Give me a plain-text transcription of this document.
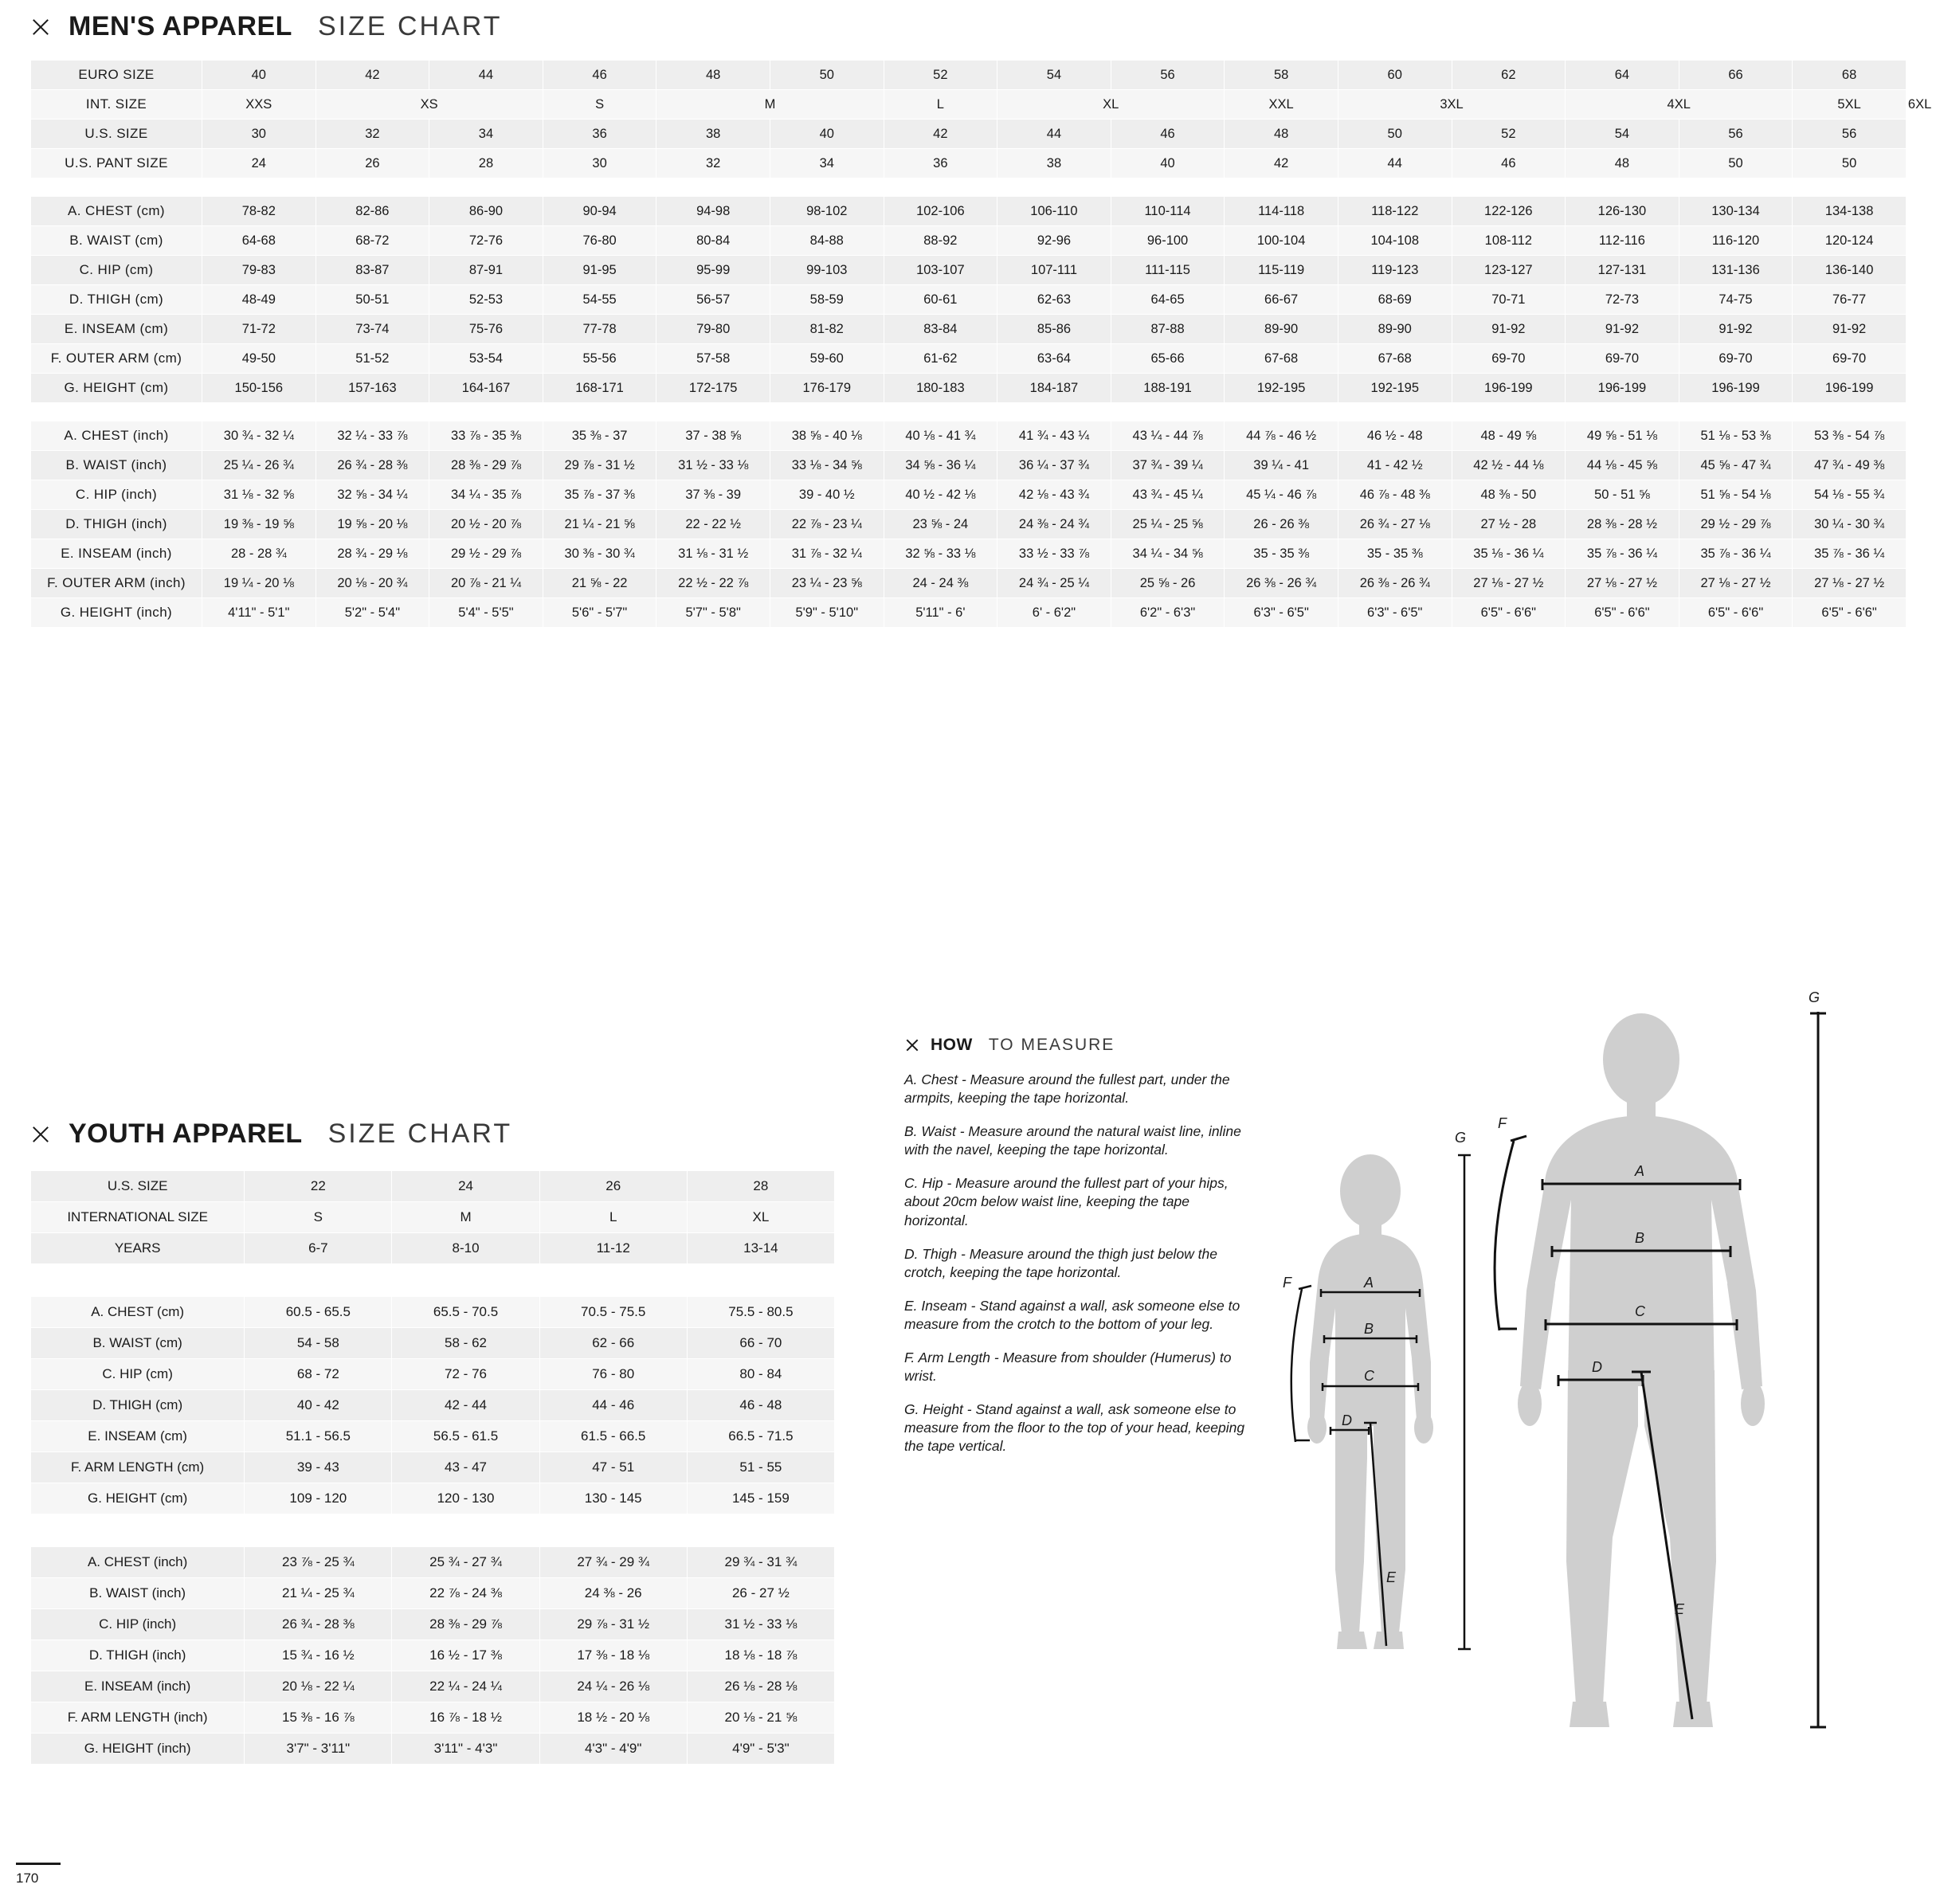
MEN'S APPAREL SIZE CHART
EURO SIZE	40	42	44	46	48	50	52	54	56	58	60	62	64	66	68	
INT. SIZE	XXS	XS		S	M		L	XL		XXL	3XL		4XL		5XL	6XL
U.S. SIZE	30	32	34	36	38	40	42	44	46	48	50	52	54	56	56	
U.S. PANT SIZE	24	26	28	30	32	34	36	38	40	42	44	46	48	50	50	

A. CHEST (cm)	78-82	82-86	86-90	90-94	94-98	98-102	102-106	106-110	110-114	114-118	118-122	122-126	126-130	130-134	134-138	
B. WAIST (cm)	64-68	68-72	72-76	76-80	80-84	84-88	88-92	92-96	96-100	100-104	104-108	108-112	112-116	116-120	120-124	
C. HIP (cm)	79-83	83-87	87-91	91-95	95-99	99-103	103-107	107-111	111-115	115-119	119-123	123-127	127-131	131-136	136-140	
D. THIGH (cm)	48-49	50-51	52-53	54-55	56-57	58-59	60-61	62-63	64-65	66-67	68-69	70-71	72-73	74-75	76-77	
E. INSEAM (cm)	71-72	73-74	75-76	77-78	79-80	81-82	83-84	85-86	87-88	89-90	89-90	91-92	91-92	91-92	91-92	
F. OUTER ARM (cm)	49-50	51-52	53-54	55-56	57-58	59-60	61-62	63-64	65-66	67-68	67-68	69-70	69-70	69-70	69-70	
G. HEIGHT (cm)	150-156	157-163	164-167	168-171	172-175	176-179	180-183	184-187	188-191	192-195	192-195	196-199	196-199	196-199	196-199	

A. CHEST (inch)	30 ¾ - 32 ¼	32 ¼ - 33 ⅞	33 ⅞ - 35 ⅜	35 ⅜ - 37	37 - 38 ⅝	38 ⅝ - 40 ⅛	40 ⅛ - 41 ¾	41 ¾ - 43 ¼	43 ¼ - 44 ⅞	44 ⅞ - 46 ½	46 ½ - 48	48 - 49 ⅝	49 ⅝ - 51 ⅛	51 ⅛ - 53 ⅜	53 ⅜ - 54 ⅞	
B. WAIST (inch)	25 ¼ - 26 ¾	26 ¾ - 28 ⅜	28 ⅜ - 29 ⅞	29 ⅞ - 31 ½	31 ½ - 33 ⅛	33 ⅛ - 34 ⅝	34 ⅝ - 36 ¼	36 ¼ - 37 ¾	37 ¾ - 39 ¼	39 ¼ - 41	41 - 42 ½	42 ½ - 44 ⅛	44 ⅛ - 45 ⅝	45 ⅝ - 47 ¾	47 ¾ - 49 ⅜	
C. HIP (inch)	31 ⅛ - 32 ⅝	32 ⅝ - 34 ¼	34 ¼ - 35 ⅞	35 ⅞ - 37 ⅜	37 ⅜ - 39	39 - 40 ½	40 ½ - 42 ⅛	42 ⅛ - 43 ¾	43 ¾ - 45 ¼	45 ¼ - 46 ⅞	46 ⅞ - 48 ⅜	48 ⅜ - 50	50 - 51 ⅝	51 ⅝ - 54 ⅛	54 ⅛ - 55 ¾	
D. THIGH (inch)	19 ⅜ - 19 ⅝	19 ⅝ - 20 ⅛	20 ½ - 20 ⅞	21 ¼ - 21 ⅝	22 - 22 ½	22 ⅞ - 23 ¼	23 ⅝ - 24	24 ⅜ - 24 ¾	25 ¼ - 25 ⅝	26 - 26 ⅜	26 ¾ - 27 ⅛	27 ½ - 28	28 ⅜ - 28 ½	29 ½ - 29 ⅞	30 ¼ - 30 ¾	
E. INSEAM (inch)	28 - 28 ¾	28 ¾ - 29 ⅛	29 ½ - 29 ⅞	30 ⅜ - 30 ¾	31 ⅛ - 31 ½	31 ⅞ - 32 ¼	32 ⅝ - 33 ⅛	33 ½ - 33 ⅞	34 ¼ - 34 ⅝	35 - 35 ⅜	35 - 35 ⅜	35 ⅛ - 36 ¼	35 ⅞ - 36 ¼	35 ⅞ - 36 ¼	35 ⅞ - 36 ¼	
F. OUTER ARM (inch)	19 ¼ - 20 ⅛	20 ⅛ - 20 ¾	20 ⅞ - 21 ¼	21 ⅝ - 22	22 ½ - 22 ⅞	23 ¼ - 23 ⅝	24 - 24 ⅜	24 ¾ - 25 ¼	25 ⅝ - 26	26 ⅜ - 26 ¾	26 ⅜ - 26 ¾	27 ⅛ - 27 ½	27 ⅛ - 27 ½	27 ⅛ - 27 ½	27 ⅛ - 27 ½	
G. HEIGHT (inch)	4'11" - 5'1"	5'2" - 5'4"	5'4" - 5'5"	5'6" - 5'7"	5'7" - 5'8"	5'9" - 5'10"	5'11" - 6'	6' - 6'2"	6'2" - 6'3"	6'3" - 6'5"	6'3" - 6'5"	6'5" - 6'6"	6'5" - 6'6"	6'5" - 6'6"	6'5" - 6'6"	
YOUTH APPAREL SIZE CHART
U.S. SIZE	22	24	26	28
INTERNATIONAL SIZE	S	M	L	XL
YEARS	6-7	8-10	11-12	13-14

A. CHEST (cm)	60.5 - 65.5	65.5 - 70.5	70.5 - 75.5	75.5 - 80.5
B. WAIST (cm)	54 - 58	58 - 62	62 - 66	66 - 70
C. HIP (cm)	68 - 72	72 - 76	76 - 80	80 - 84
D. THIGH (cm)	40 - 42	42 - 44	44 - 46	46 - 48
E. INSEAM (cm)	51.1 - 56.5	56.5 - 61.5	61.5 - 66.5	66.5 - 71.5
F. ARM LENGTH (cm)	39 - 43	43 - 47	47 - 51	51 - 55
G. HEIGHT (cm)	109 - 120	120 - 130	130 - 145	145 - 159

A. CHEST (inch)	23 ⅞ - 25 ¾	25 ¾ - 27 ¾	27 ¾ - 29 ¾	29 ¾ - 31 ¾
B. WAIST (inch)	21 ¼ - 25 ¾	22 ⅞ - 24 ⅜	24 ⅜ - 26	26 - 27 ½
C. HIP (inch)	26 ¾ - 28 ⅜	28 ⅜ - 29 ⅞	29 ⅞ - 31 ½	31 ½ - 33 ⅛
D. THIGH (inch)	15 ¾ - 16 ½	16 ½ - 17 ⅜	17 ⅜ - 18 ⅛	18 ⅛ - 18 ⅞
E. INSEAM (inch)	20 ⅛ - 22 ¼	22 ¼ - 24 ¼	24 ¼ - 26 ⅛	26 ⅛ - 28 ⅛
F. ARM LENGTH (inch)	15 ⅜ - 16 ⅞	16 ⅞ - 18 ½	18 ½ - 20 ⅛	20 ⅛ - 21 ⅝
G. HEIGHT (inch)	3'7" - 3'11"	3'11" - 4'3"	4'3" - 4'9"	4'9" - 5'3"
HOW TO MEASURE

A. Chest - Measure around the fullest part, under the armpits, keeping the tape horizontal.

B. Waist - Measure around the natural waist line, inline with the navel, keeping the tape horizontal.

C. Hip - Measure around the fullest part of your hips, about 20cm below waist line, keeping the tape horizontal.

D. Thigh - Measure around the thigh just below the crotch, keeping the tape horizontal.

E. Inseam - Stand against a wall, ask someone else to measure from the crotch to the bottom of your leg.

F. Arm Length - Measure from shoulder (Humerus) to wrist.

G. Height - Stand against a wall, ask someone else to measure from the floor to the top of your head, keeping the tape vertical.

A
B
C
D
E
F
G
A
B
C
D
E
F
G
170
